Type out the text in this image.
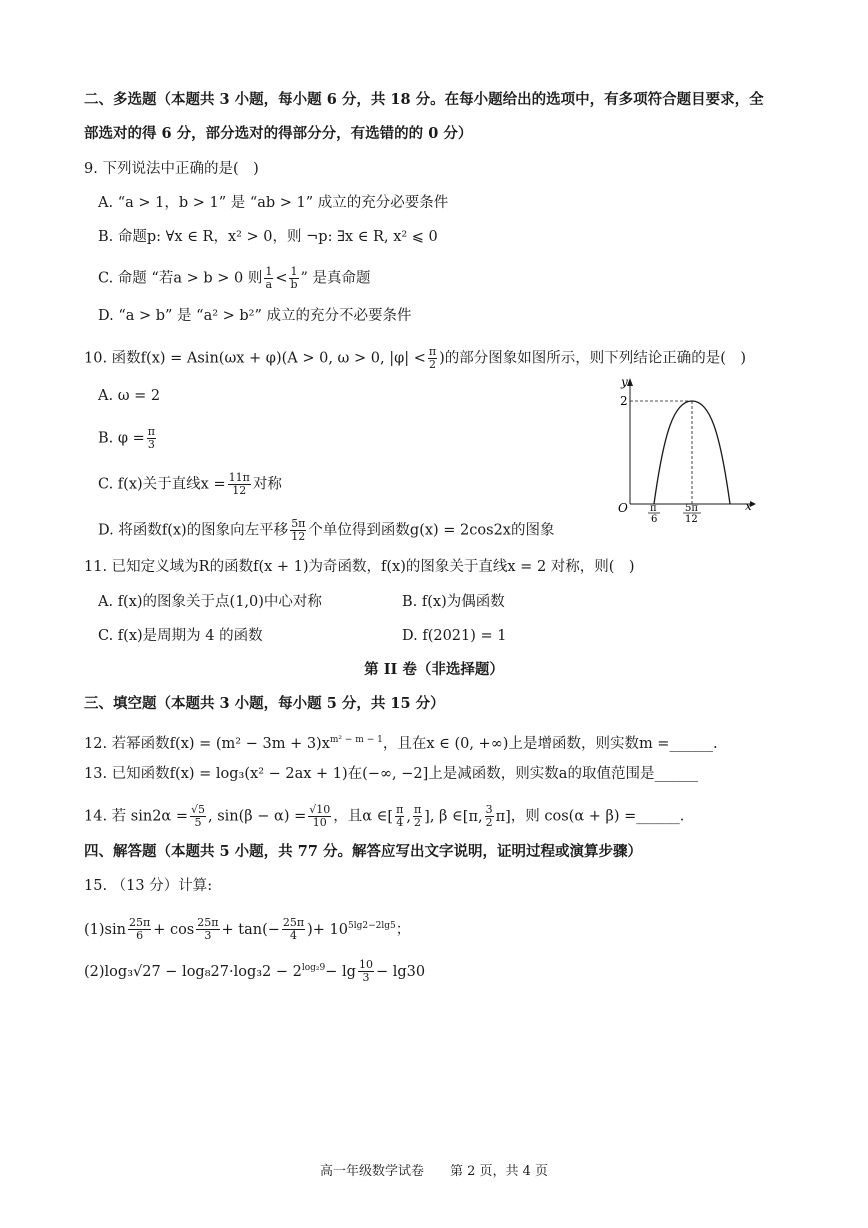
二、多选题（本题共 3 小题，每小题 6 分，共 18 分。在每小题给出的选项中，有多项符合题目要求，全
部选对的得 6 分，部分选对的得部分分，有选错的的 0 分）
9. 下列说法中正确的是(　)
A. “a > 1，b > 1” 是 “ab > 1” 成立的充分必要条件
B. 命题p: ∀x ∈ R，x² > 0，则 ¬p: ∃x ∈ R, x² ⩽ 0
C. 命题 “若a > b > 0 则 $\frac{1}{a} < \frac{1}{b}$ ” 是真命题
D. “a > b” 是 “a² > b²” 成立的充分不必要条件
10. 函数f(x) = Asin(ωx + φ)(A > 0, ω > 0, $|\varphi| < \frac{\pi}{2}$ )的部分图象如图所示，则下列结论正确的是(　)
A. ω = 2
B. $\varphi = \frac{\pi}{3}$
C. f(x)关于直线$x = \frac{11\pi}{12}$ 对称
D. 将函数f(x)的图象向左平移 $\frac{5\pi}{12}$ 个单位得到函数g(x) = 2cos2x的图象
y
x
O
2
π
6
5π
12
11. 已知定义域为R的函数f(x + 1)为奇函数，f(x)的图象关于直线x = 2 对称，则(　)
A. f(x)的图象关于点(1,0)中心对称	B. f(x)为偶函数
C. f(x)是周期为 4 的函数	D. f(2021) = 1
第 II 卷（非选择题）
三、填空题（本题共 3 小题，每小题 5 分，共 15 分）
12. 若幂函数$f(x) = (m^2 - 3m + 3)x^{m^2 - m - 1}$，且在x ∈ (0, +∞)上是增函数，则实数m =______.
13. 已知函数f(x) = log₃(x² − 2ax + 1)在(−∞, −2]上是减函数，则实数a的取值范围是______
14. 若 $\sin 2\alpha = \frac{√5}{5}$ , $\sin(\beta - \alpha) = \frac{√10}{10}$ ，且α ∈[ $\frac{\pi}{4}$ , $\frac{\pi}{2}$ ], β ∈[π, $\frac{3}{2} \pi$]，则 cos(α + β) =______.
四、解答题（本题共 5 小题，共 77 分。解答应写出文字说明，证明过程或演算步骤）
15. （13 分）计算:
$(1)\sin \frac{25\pi}{6} + \cos \frac{25\pi}{3} + \tan(- \frac{25\pi}{4}$ )+ $10^{5lg2-2lg5}$；
$(2)\log_3√27 - \log_827\cdot\log_32 - 2^{log_29}- \lg \frac{10}{3} - \lg 30$
高一年级数学试卷　　第 2 页，共 4 页
